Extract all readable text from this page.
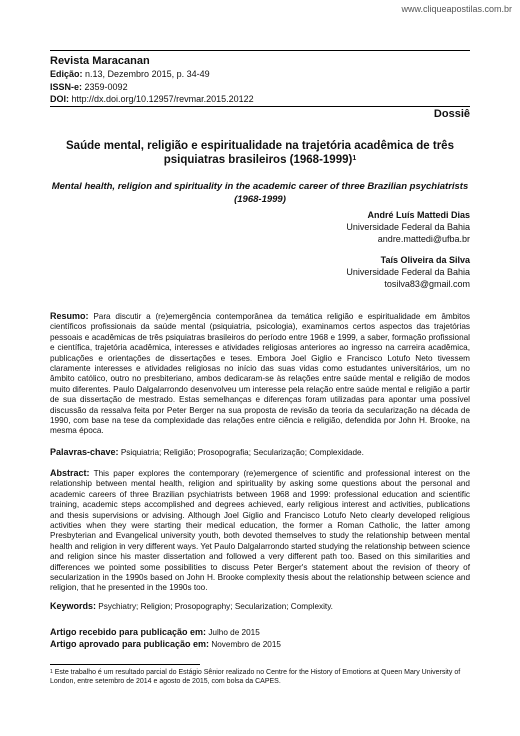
www.cliqueapostilas.com.br
Revista Maracanan
Edição: n.13, Dezembro 2015, p. 34-49
ISSN-e: 2359-0092
DOI: http://dx.doi.org/10.12957/revmar.2015.20122
Dossiê
Saúde mental, religião e espiritualidade na trajetória acadêmica de três psiquiatras brasileiros (1968-1999)$^1$
Mental health, religion and spirituality in the academic career of three Brazilian psychiatrists (1968-1999)
André Luís Mattedi Dias
Universidade Federal da Bahia
andre.mattedi@ufba.br
Taís Oliveira da Silva
Universidade Federal da Bahia
tosilva83@gmail.com
Resumo: Para discutir a (re)emergência contemporânea da temática religião e espiritualidade em âmbitos científicos profissionais da saúde mental (psiquiatria, psicologia), examinamos certos aspectos das trajetórias pessoais e acadêmicas de três psiquiatras brasileiros do período entre 1968 e 1999, a saber, formação profissional e científica, trajetória acadêmica, interesses e atividades religiosas anteriores ao ingresso na carreira acadêmica, publicações e orientações de dissertações e teses. Embora Joel Giglio e Francisco Lotufo Neto tivessem claramente interesses e atividades religiosas no início das suas vidas como estudantes universitários, um no âmbito católico, outro no presbiteriano, ambos dedicaram-se às relações entre saúde mental e religião de modos muito diferentes. Paulo Dalgalarrondo desenvolveu um interesse pela relação entre saúde mental e religião a partir de sua dissertação de mestrado. Estas semelhanças e diferenças foram utilizadas para apontar uma possível discussão da ressalva feita por Peter Berger na sua proposta de revisão da teoria da secularização na década de 1990, com base na tese da complexidade das relações entre ciência e religião, defendida por John H. Brooke, na mesma época.
Palavras-chave: Psiquiatria; Religião; Prosopografia; Secularização; Complexidade.
Abstract: This paper explores the contemporary (re)emergence of scientific and professional interest on the relationship between mental health, religion and spirituality by asking some questions about the personal and academic careers of three Brazilian psychiatrists between 1968 and 1999: professional education and scientific training, academic steps accomplished and degrees achieved, early religious interest and activities, publications and thesis supervisions or advising. Although Joel Giglio and Francisco Lotufo Neto clearly developed religious activities when they were starting their medical education, the former a Roman Catholic, the latter among Presbyterian and Evangelical university youth, both devoted themselves to study the relationship between mental health and religion in very different ways. Yet Paulo Dalgalarrondo started studying the relationship between science and religion since his master dissertation and followed a very different path too. Based on this similarities and differences we pointed some possibilities to discuss Peter Berger's statement about the revision of theory of secularization in the 1990s based on John H. Brooke complexity thesis about the relationship between science and religion, that he presented in the 1990s too.
Keywords: Psychiatry; Religion; Prosopography; Secularization; Complexity.
Artigo recebido para publicação em: Julho de 2015
Artigo aprovado para publicação em: Novembro de 2015
$^1$ Este trabalho é um resultado parcial do Estágio Sênior realizado no Centre for the History of Emotions at Queen Mary University of London, entre setembro de 2014 e agosto de 2015, com bolsa da CAPES.
